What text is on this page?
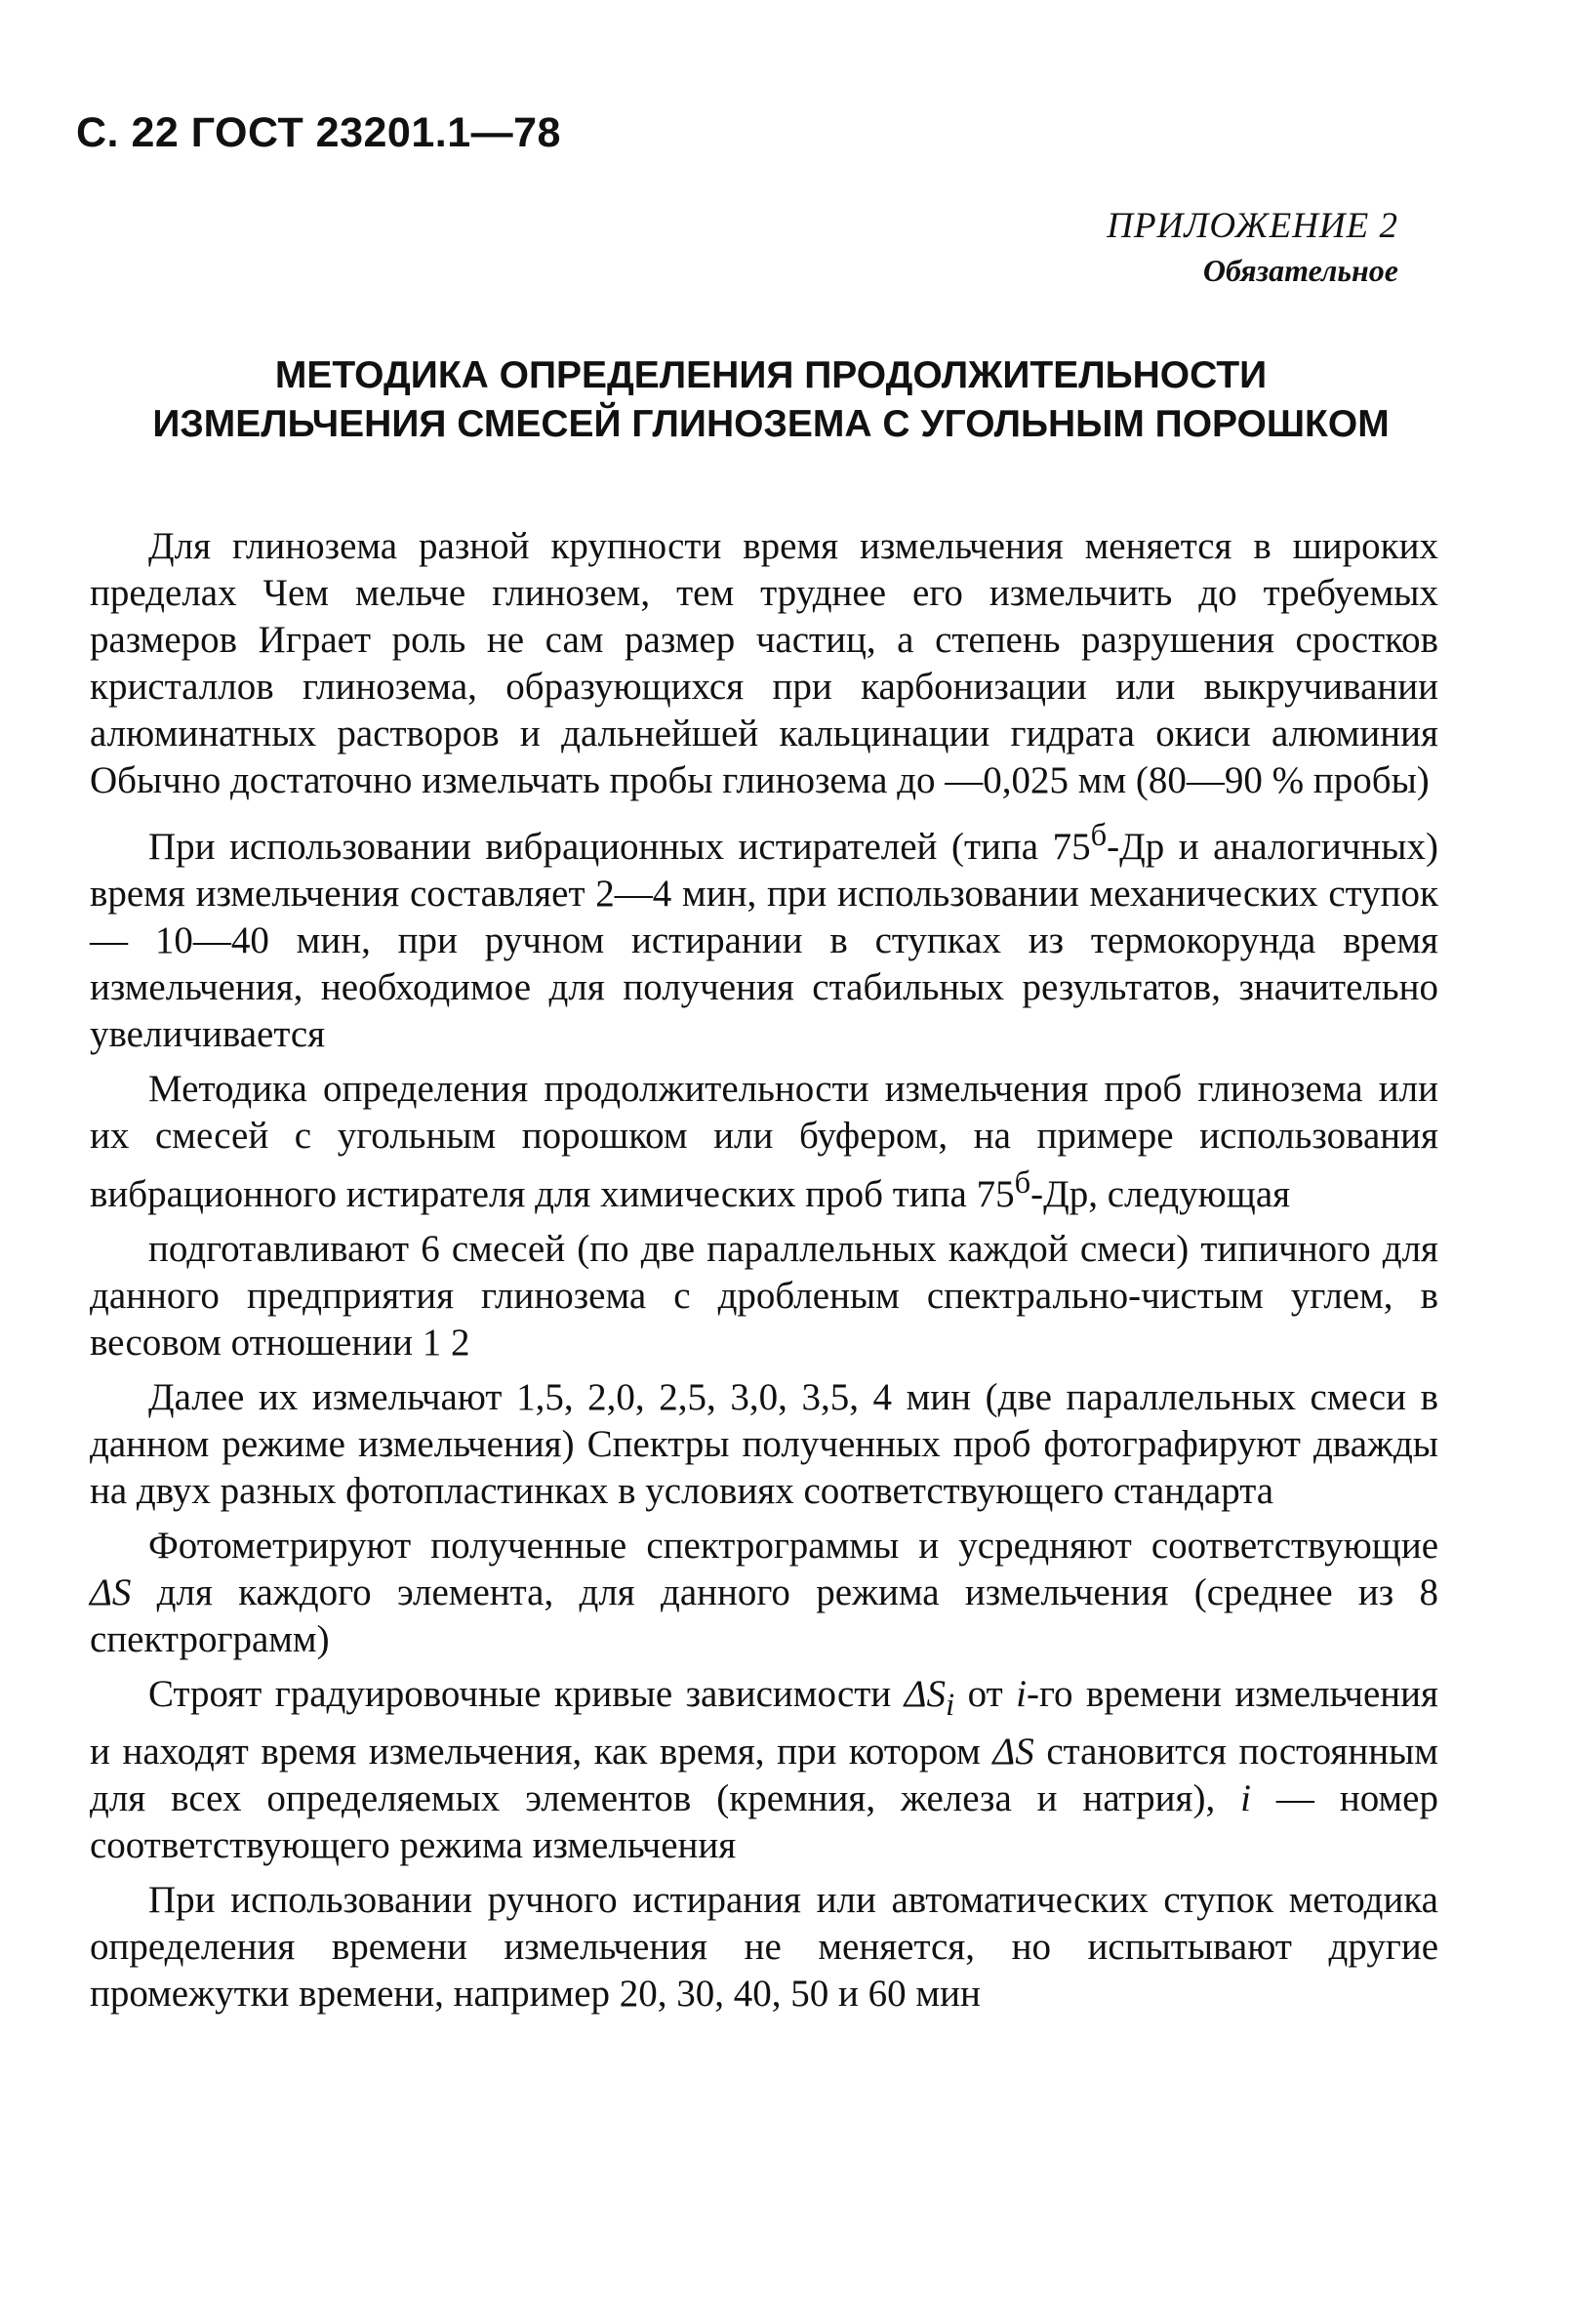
С. 22 ГОСТ 23201.1—78
ПРИЛОЖЕНИЕ 2
Обязательное
МЕТОДИКА ОПРЕДЕЛЕНИЯ ПРОДОЛЖИТЕЛЬНОСТИ
ИЗМЕЛЬЧЕНИЯ СМЕСЕЙ ГЛИНОЗЕМА С УГОЛЬНЫМ ПОРОШКОМ

Для глинозема разной крупности время измельчения меняется в широких пределах Чем мельче глинозем, тем труднее его измельчить до требуемых размеров Играет роль не сам размер частиц, а степень разрушения сростков кристаллов глинозема, образующихся при карбонизации или выкручивании алюминатных растворов и дальнейшей кальцинации гидрата окиси алюминия Обычно достаточно измельчать пробы глинозема до —0,025 мм (80—90 % пробы)

При использовании вибрационных истирателей (типа $75^б-Др$ и аналогичных) время измельчения составляет 2—4 мин, при использовании механических ступок — 10—40 мин, при ручном истирании в ступках из термокорунда время измельчения, необходимое для получения стабильных результатов, значительно увеличивается

Методика определения продолжительности измельчения проб глинозема или их смесей с угольным порошком или буфером, на примере использования вибрационного истирателя для химических проб типа $75^б-Др$, следующая

подготавливают 6 смесей (по две параллельных каждой смеси) типичного для данного предприятия глинозема с дробленым спектрально-чистым углем, в весовом отношении 1 2

Далее их измельчают 1,5, 2,0, 2,5, 3,0, 3,5, 4 мин (две параллельных смеси в данном режиме измельчения) Спектры полученных проб фотографируют дважды на двух разных фотопластинках в условиях соответствующего стандарта

Фотометрируют полученные спектрограммы и усредняют соответствующие ΔS для каждого элемента, для данного режима измельчения (среднее из 8 спектрограмм)

Строят градуировочные кривые зависимости $\Delta S_i$ от i-го времени измельчения и находят время измельчения, как время, при котором ΔS становится постоянным для всех определяемых элементов (кремния, железа и натрия), i — номер соответствующего режима измельчения

При использовании ручного истирания или автоматических ступок методика определения времени измельчения не меняется, но испытывают другие промежутки времени, например 20, 30, 40, 50 и 60 мин
